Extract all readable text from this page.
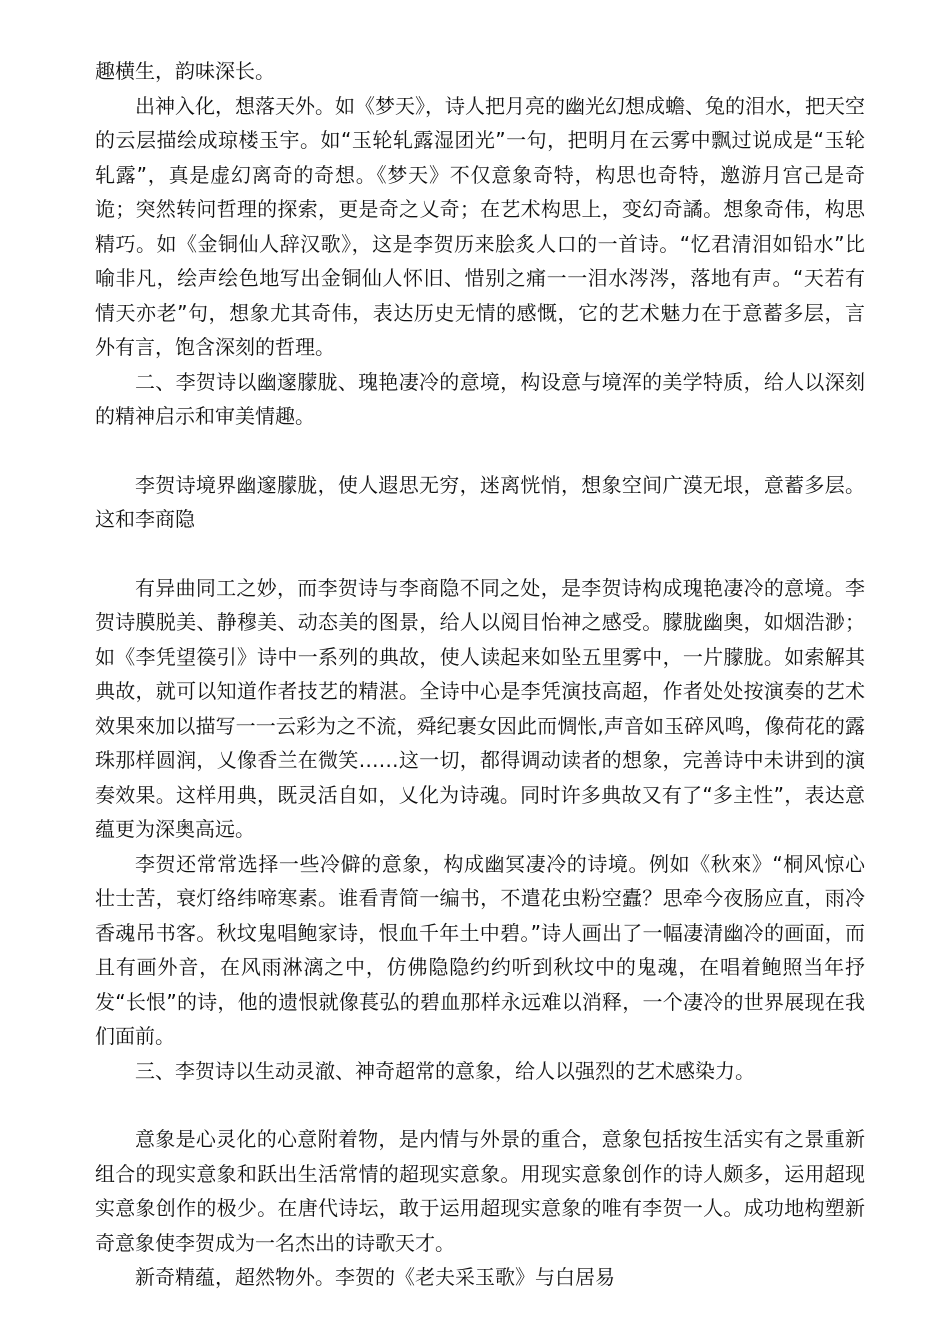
趣横生，韵味深长。

出神入化，想落天外。如《梦天》，诗人把月亮的幽光幻想成蟾、兔的泪水，把天空的云层描绘成琼楼玉宇。如“玉轮轧露湿团光”一句，把明月在云雾中飘过说成是“玉轮轧露”，真是虚幻离奇的奇想。《梦天》不仅意象奇特，构思也奇特，邀游月宫己是奇诡；突然转问哲理的探索，更是奇之乂奇；在艺术构思上，变幻奇譎。想象奇伟，构思精巧。如《金铜仙人辞汉歌》，这是李贺历来脍炙人口的一首诗。“忆君清泪如铅水”比喻非凡，绘声绘色地写出金铜仙人怀旧、惜别之痛一一泪水涔涔，落地有声。“天若有情天亦老”句，想象尤其奇伟，表达历史无情的感慨，它的艺术魅力在于意蓄多层，言外有言，饱含深刻的哲理。

二、李贺诗以幽邃朦胧、瑰艳凄冷的意境，构设意与境浑的美学特质，给人以深刻的精神启示和审美情趣。

李贺诗境界幽邃朦胧，使人遐思无穷，迷离恍悄，想象空间广漠无垠，意蓄多层。这和李商隐

有异曲同工之妙，而李贺诗与李商隐不同之处，是李贺诗构成瑰艳凄冷的意境。李贺诗膜脱美、静穆美、动态美的图景，给人以阅目怡神之感受。朦胧幽奥，如烟浩渺；如《李凭望篌引》诗中一系列的典故，使人读起来如坠五里雾中，一片朦胧。如索解其典故，就可以知道作者技艺的精湛。全诗中心是李凭演技高超，作者处处按演奏的艺术效果來加以描写一一云彩为之不流，舜纪裹女因此而惆怅,声音如玉碎风鸣，像荷花的露珠那样圆润，乂像香兰在微笑……这一切，都得调动读者的想象，完善诗中未讲到的演奏效果。这样用典，既灵活自如，乂化为诗魂。同时许多典故又有了“多主性”，表达意蕴更为深奥高远。

李贺还常常选择一些冷僻的意象，构成幽冥凄冷的诗境。例如《秋來》“桐风惊心壮士苦，衰灯络纬啼寒素。谁看青简一编书，不遣花虫粉空蠹？思牵今夜肠应直，雨冷香魂吊书客。秋坟鬼唱鲍家诗，恨血千年土中碧。”诗人画出了一幅凄清幽冷的画面，而且有画外音，在风雨淋漓之中，仿佛隐隐约约听到秋坟中的鬼魂，在唱着鲍照当年抒发“长恨”的诗，他的遗恨就像萇弘的碧血那样永远难以消释，一个凄冷的世界展现在我们面前。

三、李贺诗以生动灵澈、神奇超常的意象，给人以强烈的艺术感染力。

意象是心灵化的心意附着物，是内情与外景的重合，意象包括按生活实有之景重新组合的现实意象和跃出生活常情的超现实意象。用现实意象创作的诗人颇多，运用超现实意象创作的极少。在唐代诗坛，敢于运用超现实意象的唯有李贺一人。成功地构塑新奇意象使李贺成为一名杰出的诗歌天才。

新奇精蕴，超然物外。李贺的《老夫采玉歌》与白居易
